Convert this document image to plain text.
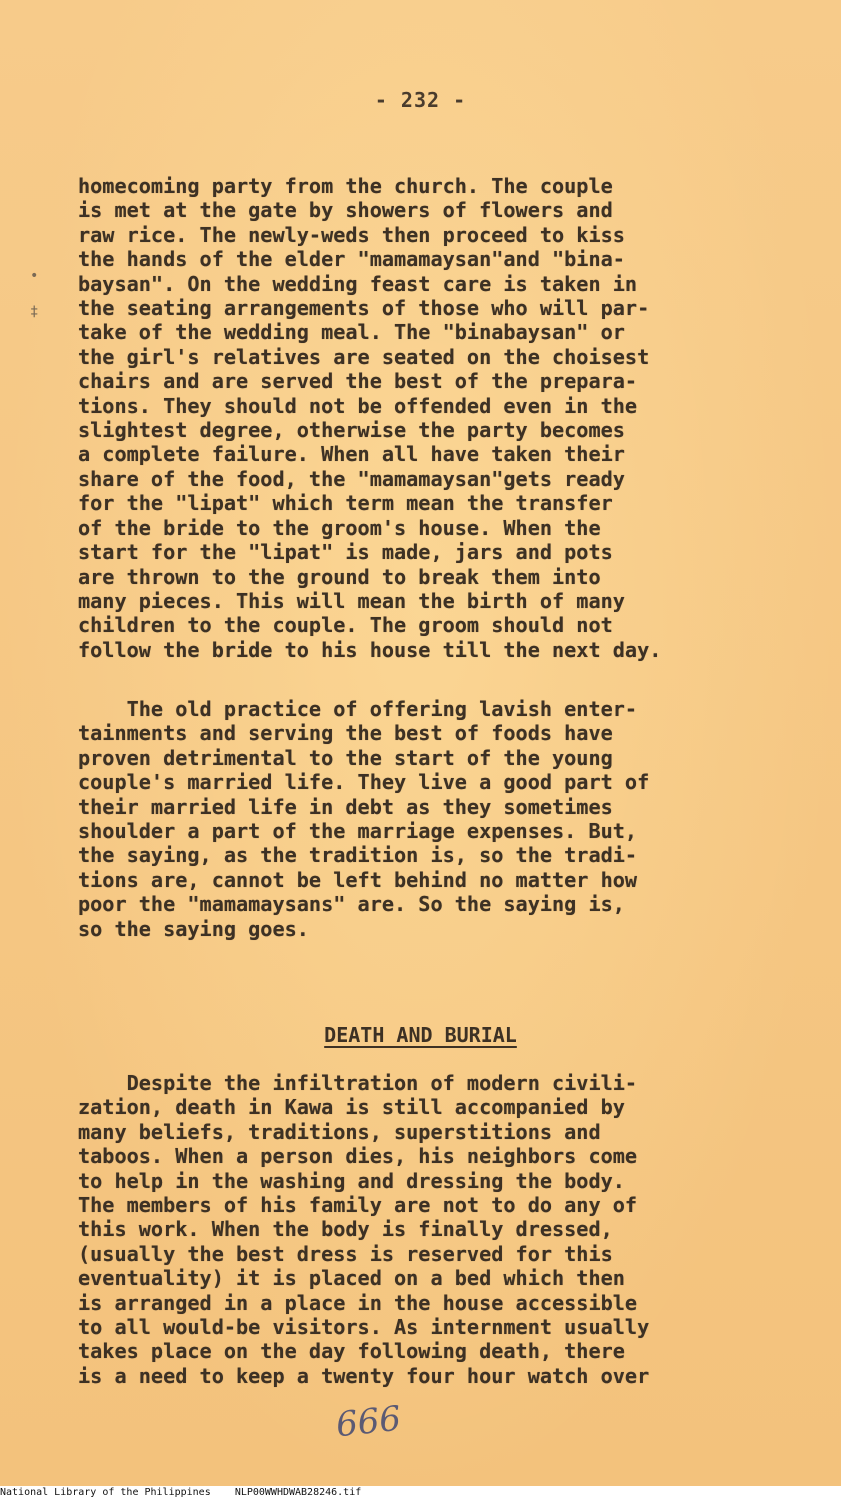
- 232 -
•
‡
homecoming party from the church. The couple
is met at the gate by showers of flowers and
raw rice. The newly-weds then proceed to kiss
the hands of the elder "mamamaysan"and "bina-
baysan". On the wedding feast care is taken in
the seating arrangements of those who will par-
take of the wedding meal. The "binabaysan" or
the girl's relatives are seated on the choisest
chairs and are served the best of the prepara-
tions. They should not be offended even in the
slightest degree, otherwise the party becomes
a complete failure. When all have taken their
share of the food, the "mamamaysan"gets ready
for the "lipat" which term mean the transfer
of the bride to the groom's house. When the
start for the "lipat" is made, jars and pots
are thrown to the ground to break them into
many pieces. This will mean the birth of many
children to the couple. The groom should not
follow the bride to his house till the next day.
The old practice of offering lavish enter-
tainments and serving the best of foods have
proven detrimental to the start of the young
couple's married life. They live a good part of
their married life in debt as they sometimes
shoulder a part of the marriage expenses. But,
the saying, as the tradition is, so the tradi-
tions are, cannot be left behind no matter how
poor the "mamamaysans" are. So the saying is,
so the saying goes.
DEATH AND BURIAL
Despite the infiltration of modern civili-
zation, death in Kawa is still accompanied by
many beliefs, traditions, superstitions and
taboos. When a person dies, his neighbors come
to help in the washing and dressing the body.
The members of his family are not to do any of
this work. When the body is finally dressed,
(usually the best dress is reserved for this
eventuality) it is placed on a bed which then
is arranged in a place in the house accessible
to all would-be visitors. As internment usually
takes place on the day following death, there
is a need to keep a twenty four hour watch over
666
National Library of the Philippines NLP00WWHDWAB28246.tif
